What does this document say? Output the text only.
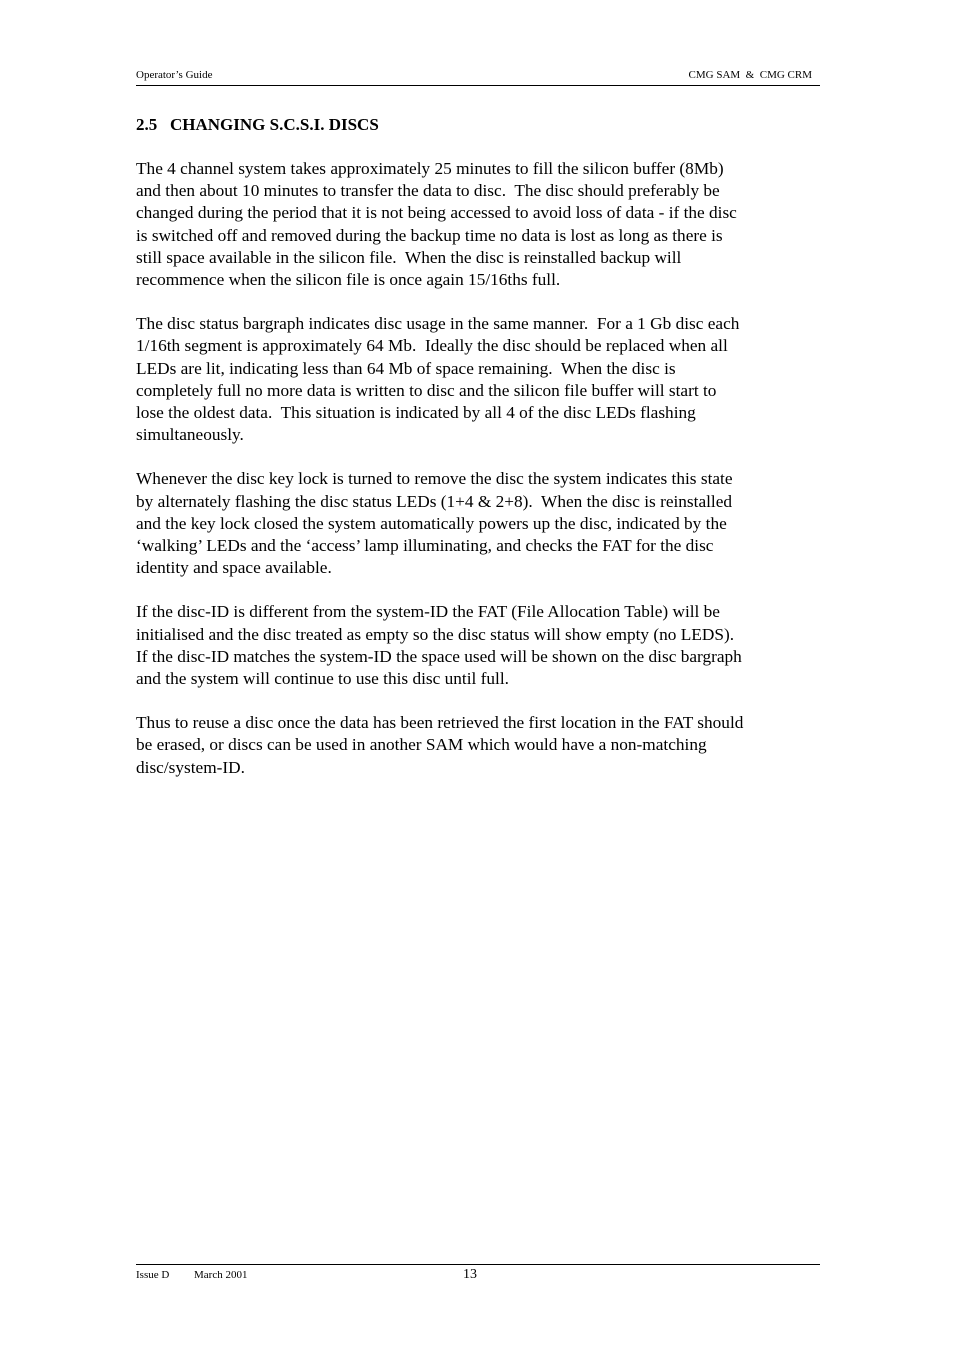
Operator’s Guide	CMG SAM  &  CMG CRM
2.5   CHANGING S.C.S.I. DISCS

The 4 channel system takes approximately 25 minutes to fill the silicon buffer (8Mb)
and then about 10 minutes to transfer the data to disc.  The disc should preferably be
changed during the period that it is not being accessed to avoid loss of data - if the disc
is switched off and removed during the backup time no data is lost as long as there is
still space available in the silicon file.  When the disc is reinstalled backup will
recommence when the silicon file is once again 15/16ths full.

The disc status bargraph indicates disc usage in the same manner.  For a 1 Gb disc each
1/16th segment is approximately 64 Mb.  Ideally the disc should be replaced when all
LEDs are lit, indicating less than 64 Mb of space remaining.  When the disc is
completely full no more data is written to disc and the silicon file buffer will start to
lose the oldest data.  This situation is indicated by all 4 of the disc LEDs flashing
simultaneously.

Whenever the disc key lock is turned to remove the disc the system indicates this state
by alternately flashing the disc status LEDs (1+4 & 2+8).  When the disc is reinstalled
and the key lock closed the system automatically powers up the disc, indicated by the
‘walking’ LEDs and the ‘access’ lamp illuminating, and checks the FAT for the disc
identity and space available.

If the disc-ID is different from the system-ID the FAT (File Allocation Table) will be
initialised and the disc treated as empty so the disc status will show empty (no LEDS).
If the disc-ID matches the system-ID the space used will be shown on the disc bargraph
and the system will continue to use this disc until full.

Thus to reuse a disc once the data has been retrieved the first location in the FAT should
be erased, or discs can be used in another SAM which would have a non-matching
disc/system-ID.

Issue D March 2001	13
